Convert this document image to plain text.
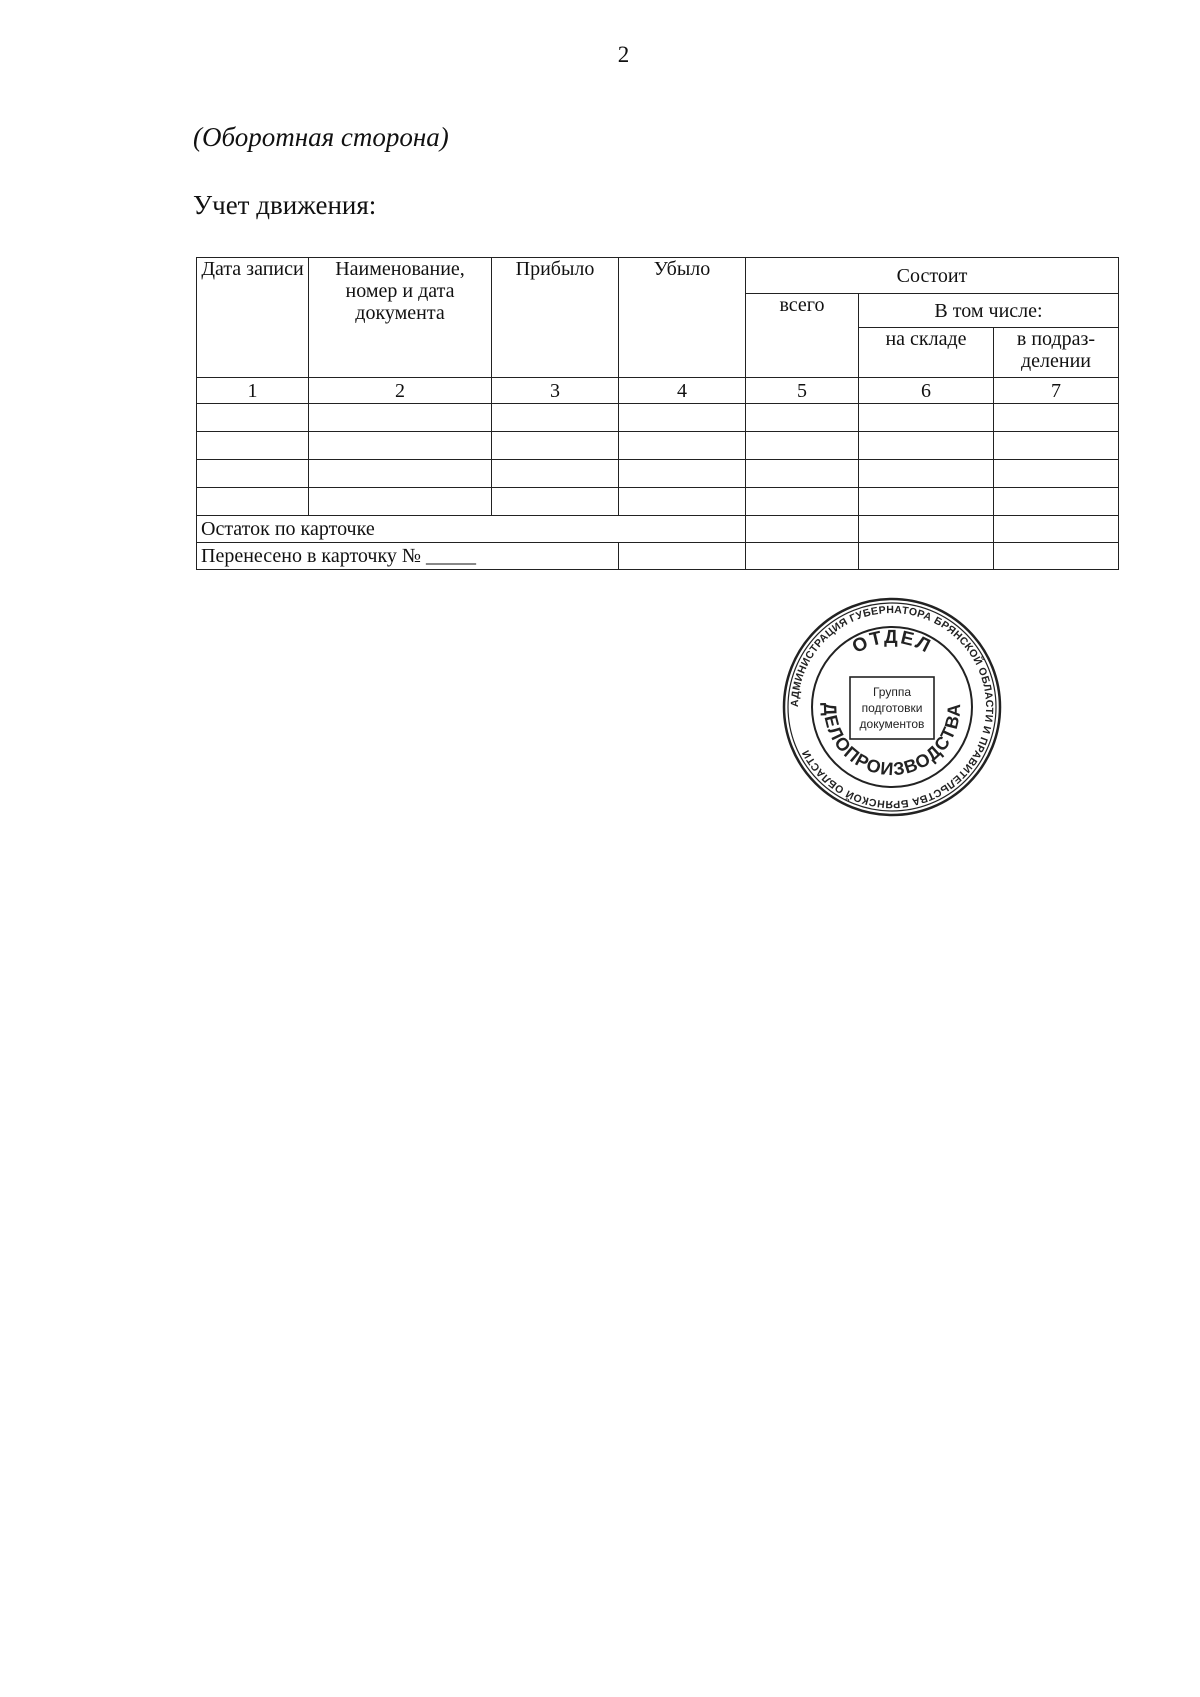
2
(Оборотная сторона)
Учет движения:
Дата записи	Наименование, номер и дата документа	Прибыло	Убыло	Состоит		
				всего	В том числе:	
					на складе	в подраз-делении
1	2	3	4	5	6	7

Остаток по карточке						
Перенесено в карточку № _____						
АДМИНИСТРАЦИЯ ГУБЕРНАТОРА БРЯНСКОЙ ОБЛАСТИ И ПРАВИТЕЛЬСТВА БРЯНСКОЙ ОБЛАСТИ
ОТДЕЛ
ДЕЛОПРОИЗВОДСТВА
Группа
подготовки
документов
